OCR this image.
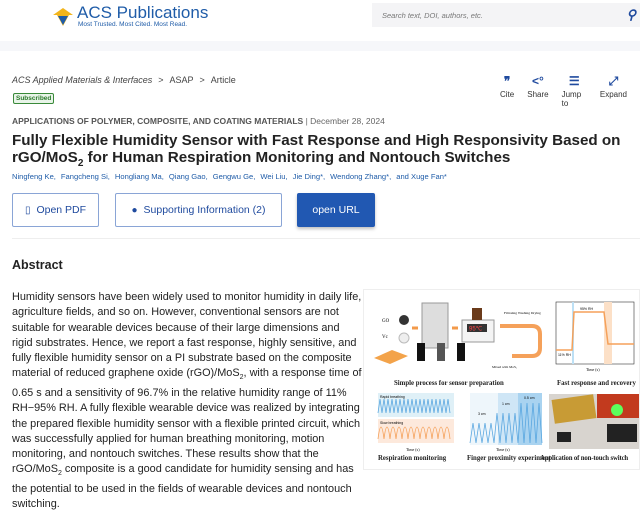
ACS Publications
Most Trusted. Most Cited. Most Read.
Search text, DOI, authors, etc.	⚲
ACS Applied Materials & Interfaces > ASAP > Article
Subscribed
❞
Cite
<°
Share
☰
Jump to
⤢
Expand
APPLICATIONS OF POLYMER, COMPOSITE, AND COATING MATERIALS | December 28, 2024
Fully Flexible Humidity Sensor with Fast Response and High Responsivity Based on rGO/MoS$_2$ for Human Respiration Monitoring and Nontouch Switches
Ningfeng Ke, Fangcheng Si, Hongliang Ma, Qiang Gao, Gengwu Ge, Wei Liu, Jie Ding*, Wendong Zhang*, and Xuge Fan*
▯ Open PDF	● Supporting Information (2)	open URL
Abstract

Humidity sensors have been widely used to monitor humidity in daily life, agriculture fields, and so on. However, conventional sensors are not suitable for wearable devices because of their large dimensions and rigid substrates. Hence, we report a fast response, highly sensitive, and fully flexible humidity sensor on a PI substrate based on the composite material of reduced graphene oxide (rGO)/MoS$_2$, with a response time of 0.65 s and a sensitivity of 96.7% in the relative humidity range of 11% RH−95% RH. A fully flexible wearable device was realized by integrating the prepared flexible humidity sensor with a flexible printed circuit, which was successfully applied for human breathing monitoring, motion monitoring, and nontouch switches. These results show that the rGO/MoS$_2$ composite is a good candidate for humidity sensing and has the potential to be used in the fields of wearable devices and nontouch switching.

GO
Vc
95℃
Filtrating Washing Drying
Mixed with MoS₂
Simple process for sensor preparation
95% RH
11% RH
Time (s)
Fast response and recovery
Rapid breathing
Slow breathing
Time (s)
Respiration monitoring
3 cm
1 cm
0.5 cm
Time (s)
Finger proximity experiment
Application of non-touch switch
